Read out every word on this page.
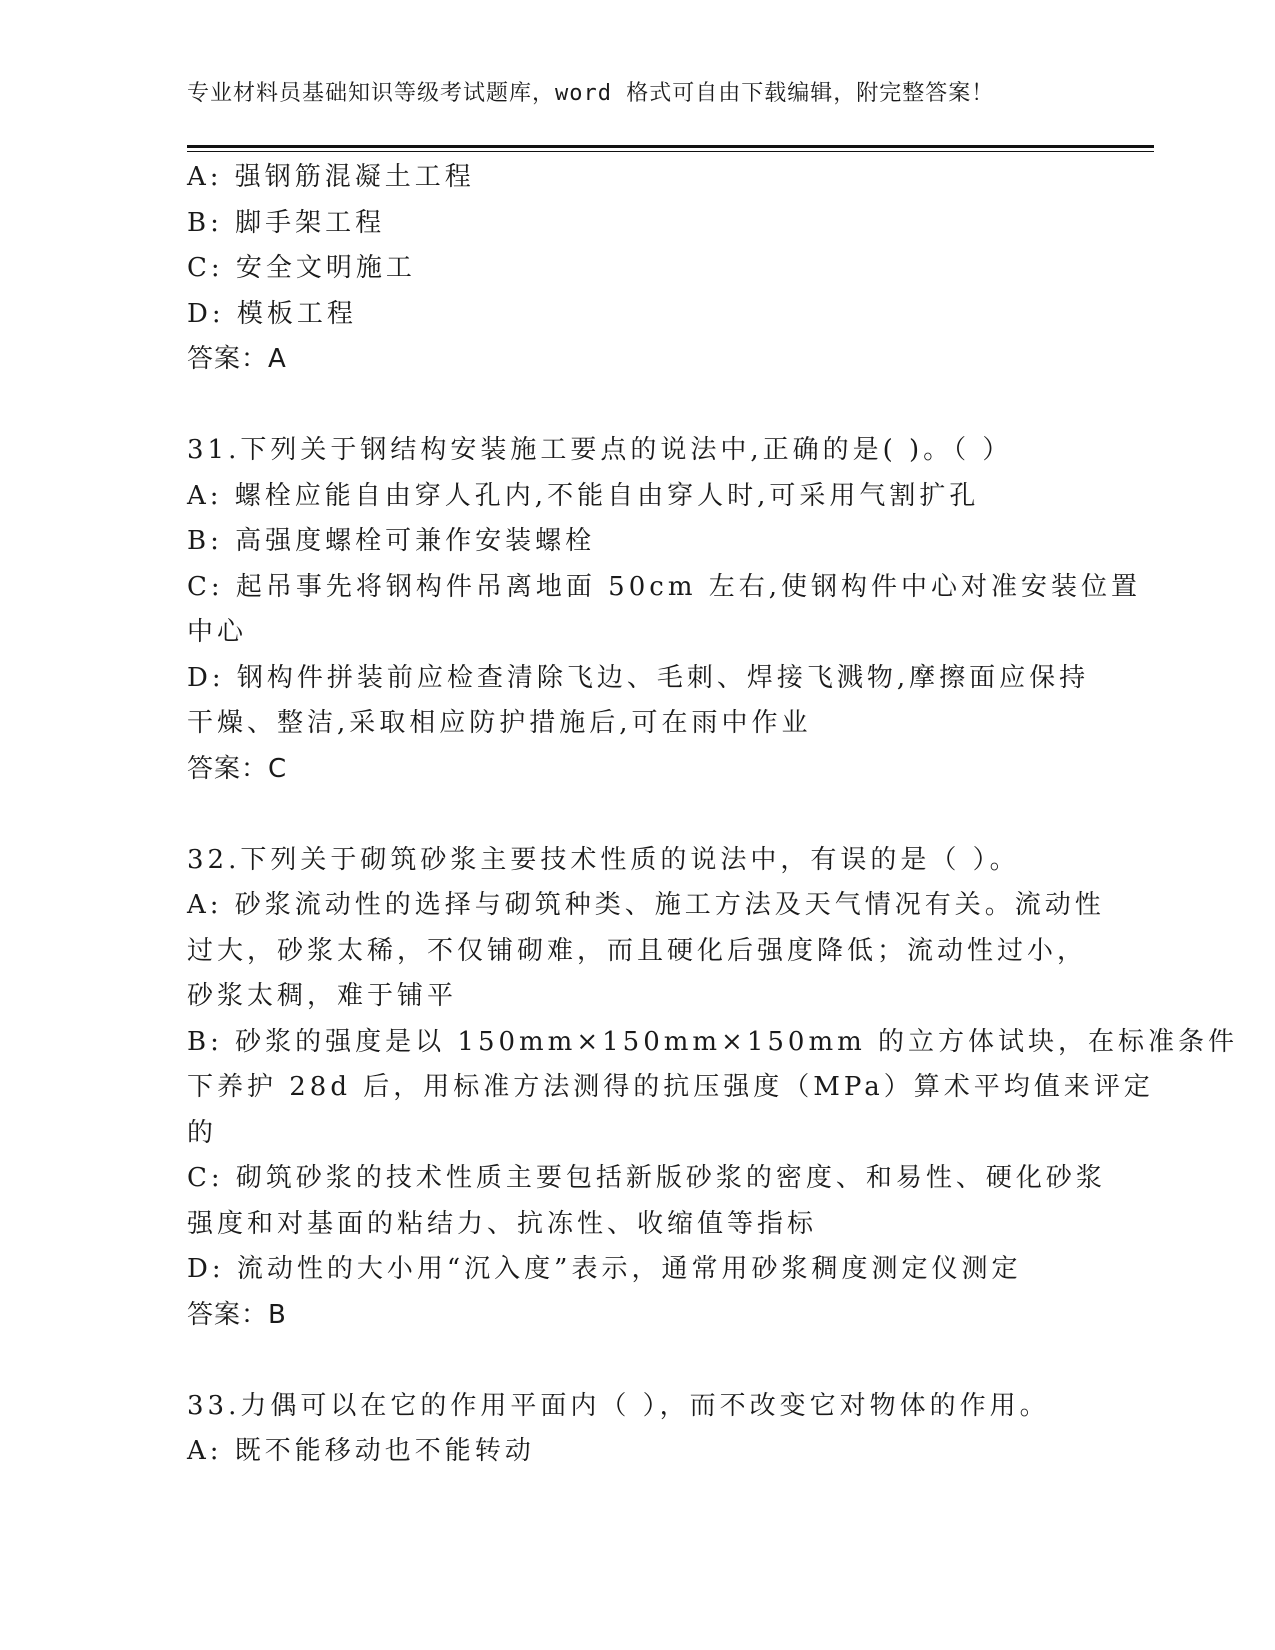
专业材料员基础知识等级考试题库，word 格式可自由下载编辑，附完整答案！
A: 强钢筋混凝土工程
B: 脚手架工程
C: 安全文明施工
D: 模板工程
答案：A
31.下列关于钢结构安装施工要点的说法中,正确的是( )。（ ）
A: 螺栓应能自由穿人孔内,不能自由穿人时,可采用气割扩孔
B: 高强度螺栓可兼作安装螺栓
C: 起吊事先将钢构件吊离地面 50cm 左右,使钢构件中心对准安装位置
中心
D: 钢构件拼装前应检查清除飞边、毛刺、焊接飞溅物,摩擦面应保持
干燥、整洁,采取相应防护措施后,可在雨中作业
答案：C
32.下列关于砌筑砂浆主要技术性质的说法中，有误的是（ ）。
A: 砂浆流动性的选择与砌筑种类、施工方法及天气情况有关。流动性
过大，砂浆太稀，不仅铺砌难，而且硬化后强度降低；流动性过小，
砂浆太稠，难于铺平
B: 砂浆的强度是以 150mm×150mm×150mm 的立方体试块，在标准条件
下养护 28d 后，用标准方法测得的抗压强度（MPa）算术平均值来评定
的
C: 砌筑砂浆的技术性质主要包括新版砂浆的密度、和易性、硬化砂浆
强度和对基面的粘结力、抗冻性、收缩值等指标
D: 流动性的大小用“沉入度”表示，通常用砂浆稠度测定仪测定
答案：B
33.力偶可以在它的作用平面内（ ），而不改变它对物体的作用。
A: 既不能移动也不能转动
